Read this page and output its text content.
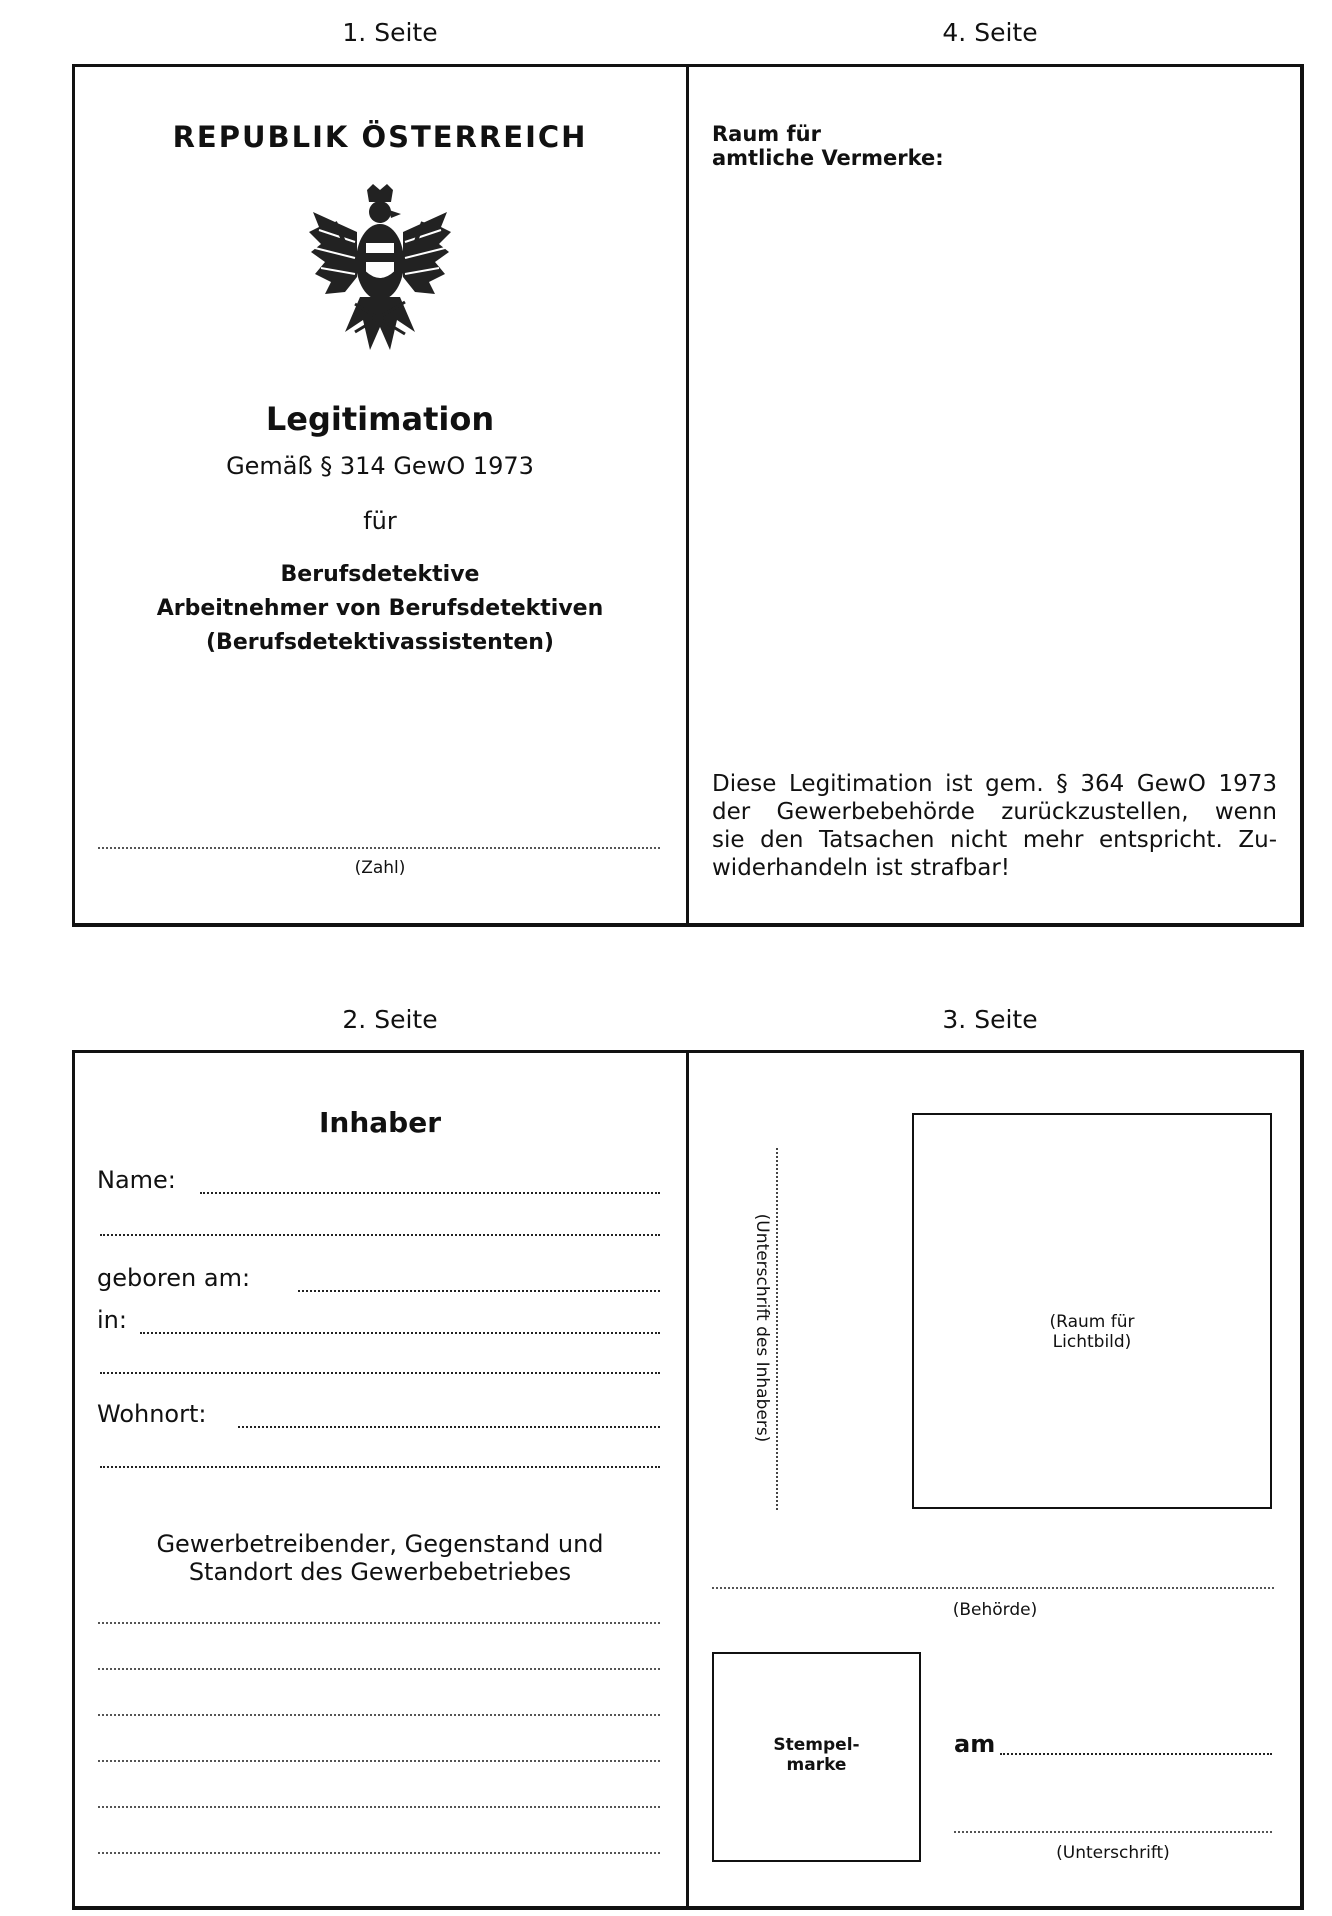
1. Seite	4. Seite
2. Seite	3. Seite
REPUBLIK ÖSTERREICH
Legitimation
Gemäß § 314 GewO 1973
für
Berufsdetektive
Arbeitnehmer von Berufsdetektiven
(Berufsdetektivassistenten)
(Zahl)
Raum für
amtliche Vermerke:
Diese Legitimation ist gem. § 364 GewO 1973
der Gewerbebehörde zurückzustellen, wenn
sie den Tatsachen nicht mehr entspricht. Zu-
widerhandeln ist strafbar!
Inhaber
Name:
geboren am:
in:
Wohnort:
Gewerbetreibender, Gegenstand und
Standort des Gewerbebetriebes
(Unterschrift des Inhabers)	(Raum für
Lichtbild)
(Behörde)
Stempel-
marke
am
(Unterschrift)
